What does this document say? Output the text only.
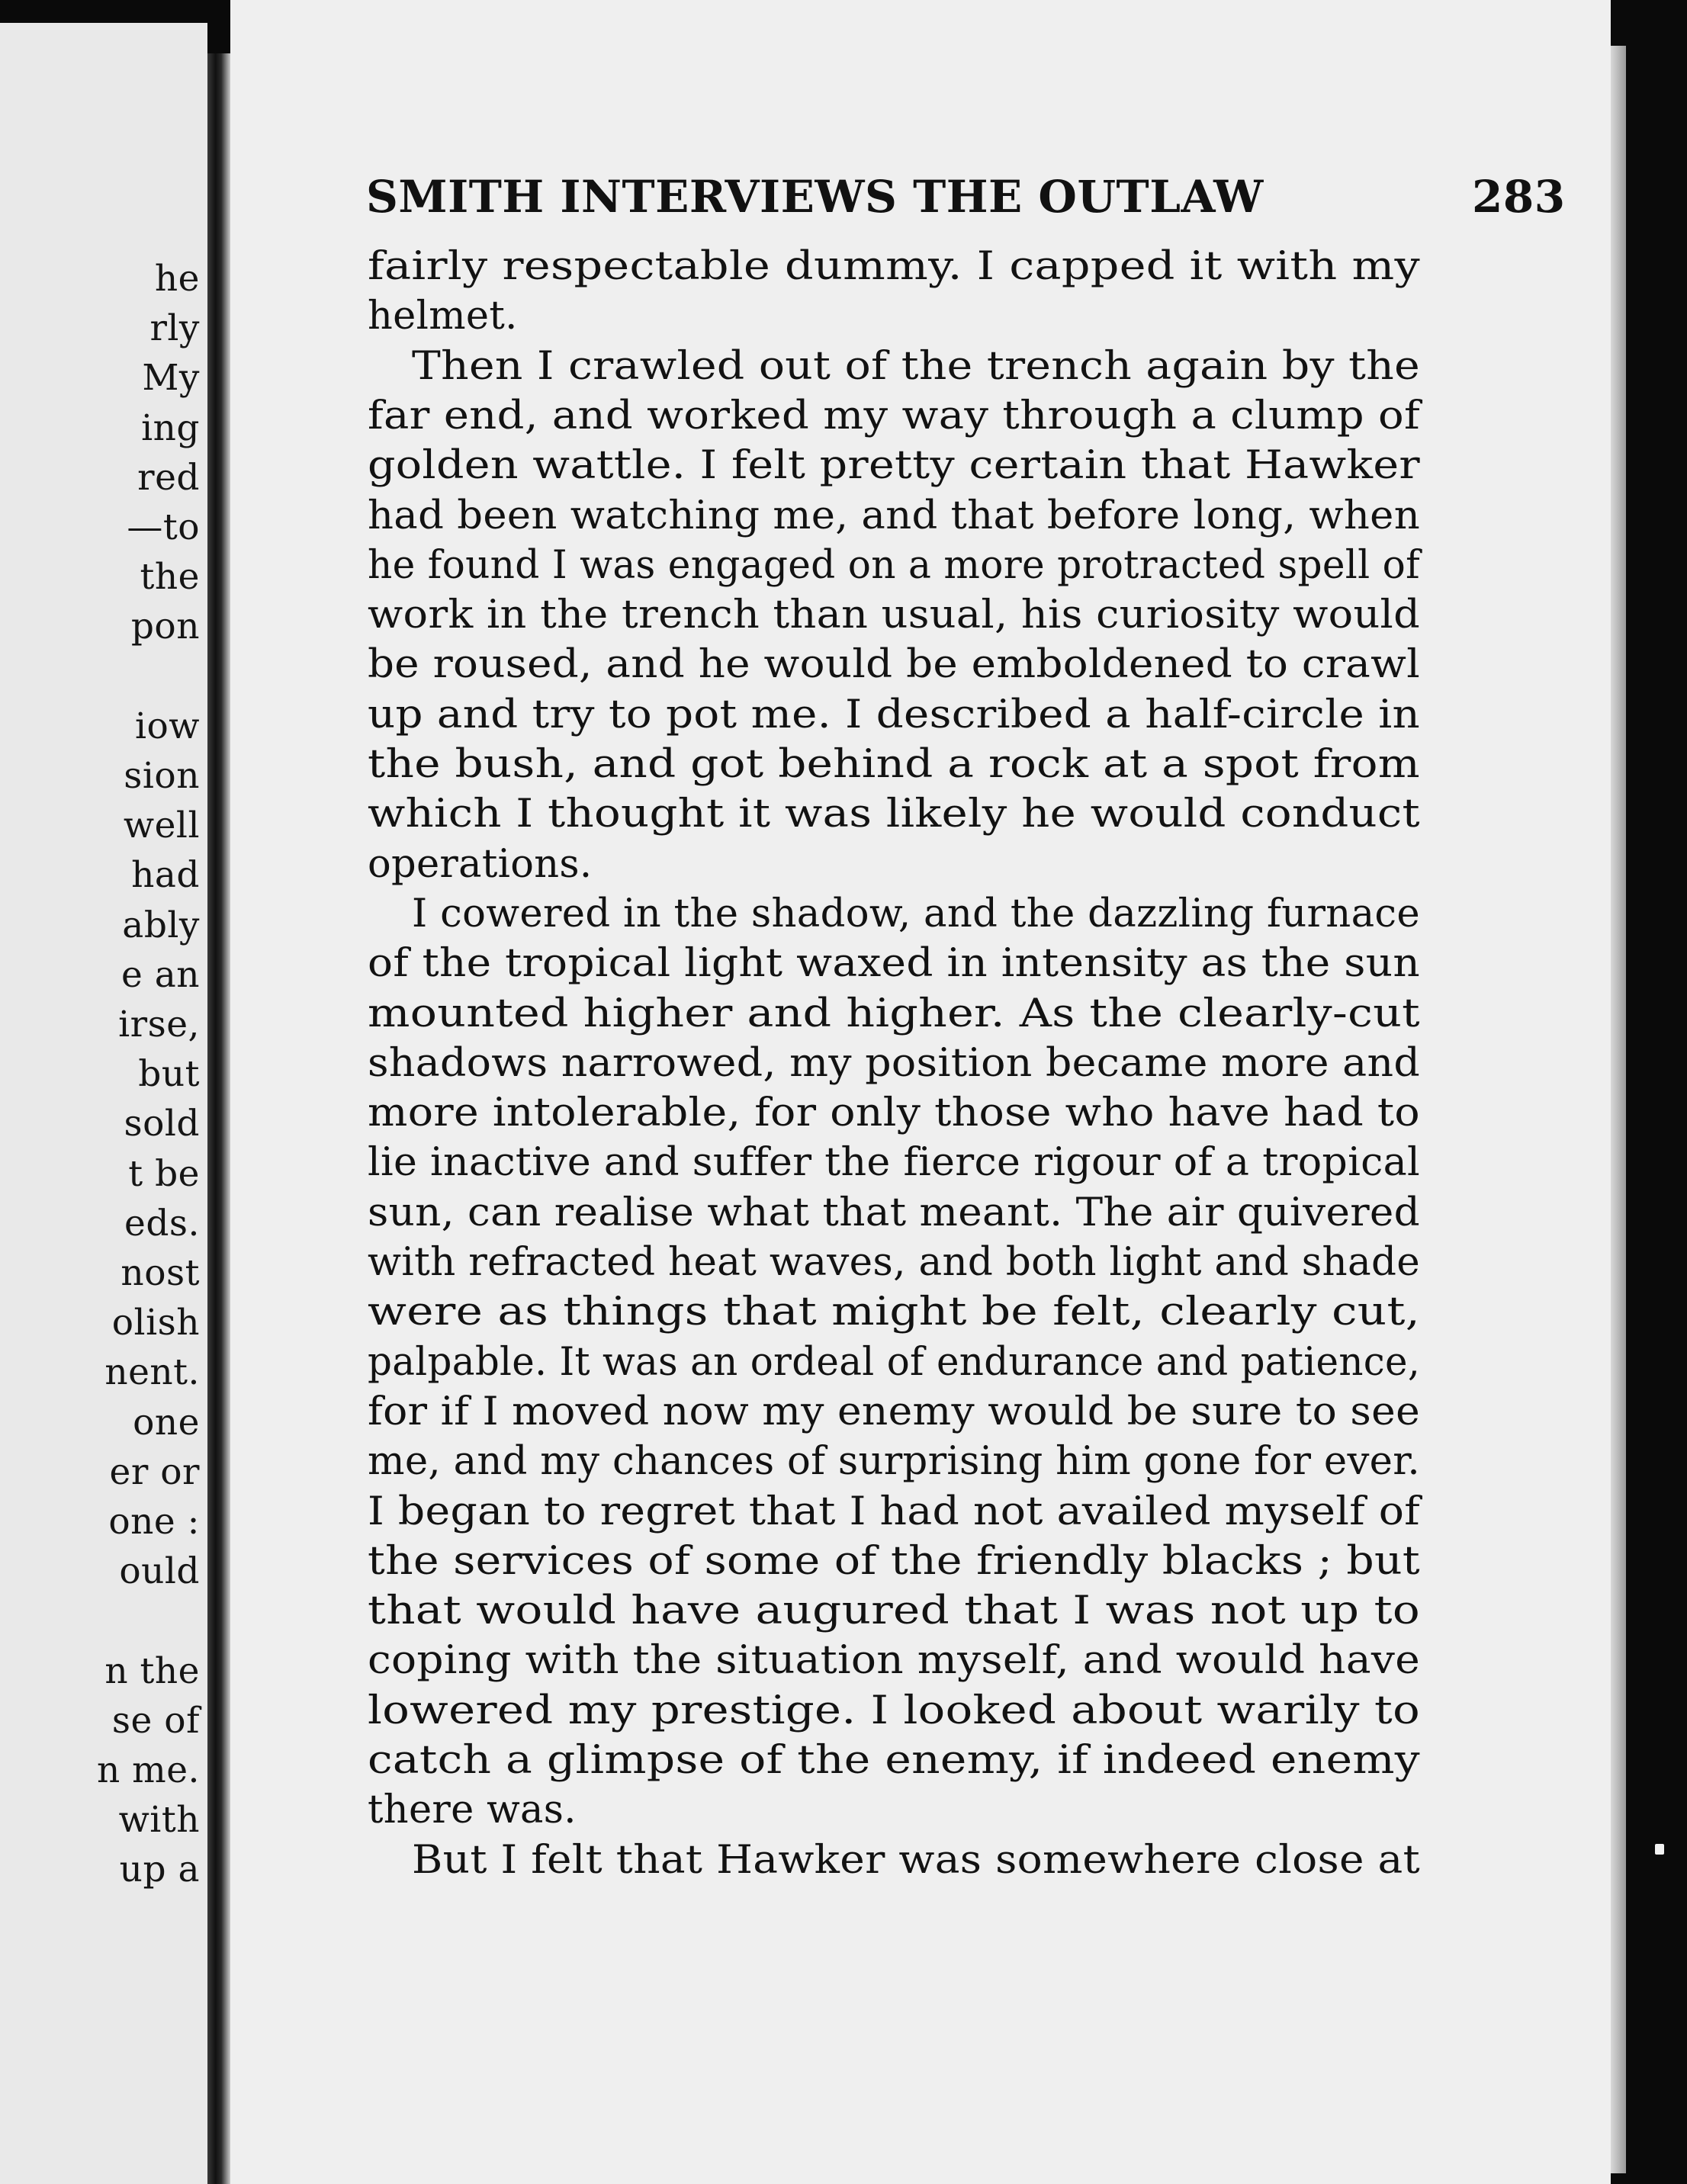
he
rly
My
ing
red
—to
the
pon
iow
sion
well
had
ably
e an
irse,
but
sold
t be
eds.
nost
olish
nent.
one
er or
one :
ould
n the
se of
n me.
with
up a
SMITH INTERVIEWS THE OUTLAW	283
fairly respectable dummy. I capped it with my
helmet.
Then I crawled out of the trench again by the
far end, and worked my way through a clump of
golden wattle. I felt pretty certain that Hawker
had been watching me, and that before long, when
he found I was engaged on a more protracted spell of
work in the trench than usual, his curiosity would
be roused, and he would be emboldened to crawl
up and try to pot me. I described a half-circle in
the bush, and got behind a rock at a spot from
which I thought it was likely he would conduct
operations.
I cowered in the shadow, and the dazzling furnace
of the tropical light waxed in intensity as the sun
mounted higher and higher. As the clearly-cut
shadows narrowed, my position became more and
more intolerable, for only those who have had to
lie inactive and suffer the fierce rigour of a tropical
sun, can realise what that meant. The air quivered
with refracted heat waves, and both light and shade
were as things that might be felt, clearly cut,
palpable. It was an ordeal of endurance and patience,
for if I moved now my enemy would be sure to see
me, and my chances of surprising him gone for ever.
I began to regret that I had not availed myself of
the services of some of the friendly blacks ; but
that would have augured that I was not up to
coping with the situation myself, and would have
lowered my prestige. I looked about warily to
catch a glimpse of the enemy, if indeed enemy
there was.
But I felt that Hawker was somewhere close at
